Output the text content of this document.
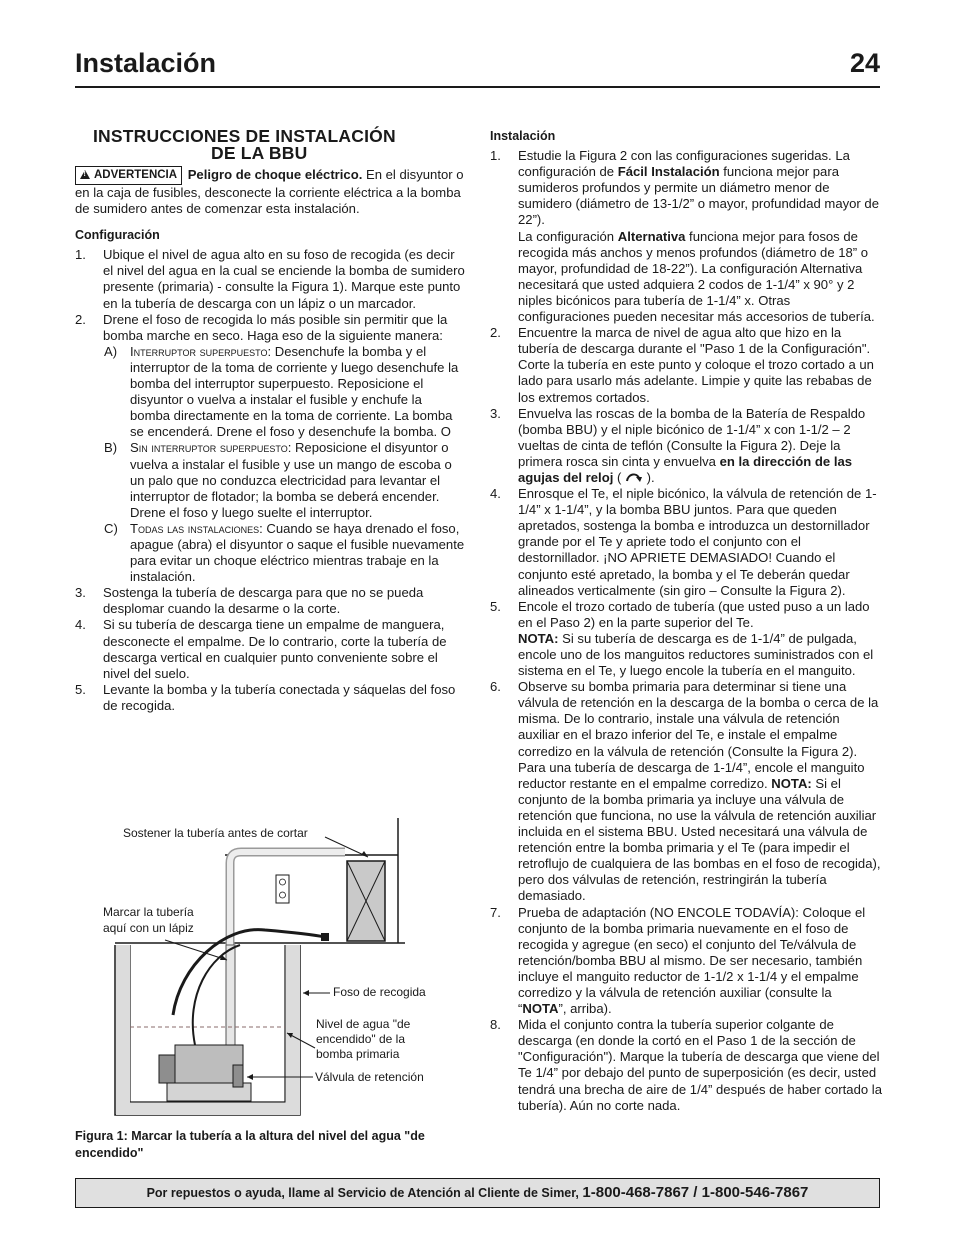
Instalación	24
INSTRUCCIONES DE INSTALACIÓN
DE LA BBU

!ADVERTENCIA Peligro de choque eléctrico. En el disyuntor o en la caja de fusibles, desconecte la corriente eléctrica a la bomba de sumidero antes de comenzar esta instalación.

Configuración
1. Ubique el nivel de agua alto en su foso de recogida (es decir el nivel del agua en la cual se enciende la bomba de sumidero presente (primaria) - consulte la Figura 1). Marque este punto en la tubería de descarga con un lápiz o un marcador.
2. Drene el foso de recogida lo más posible sin permitir que la bomba marche en seco. Haga eso de la siguiente manera:
A) Interruptor superpuesto: Desenchufe la bomba y el interruptor de la toma de corriente y luego desenchufe la bomba del interruptor superpuesto. Reposicione el disyuntor o vuelva a instalar el fusible y enchufe la bomba directamente en la toma de corriente. La bomba se encenderá. Drene el foso y desenchufe la bomba. O
B) Sin interruptor superpuesto: Reposicione el disyuntor o vuelva a instalar el fusible y use un mango de escoba o un palo que no conduzca electricidad para levantar el interruptor de flotador; la bomba se deberá encender. Drene el foso y luego suelte el interruptor.
C) Todas las instalaciones: Cuando se haya drenado el foso, apague (abra) el disyuntor o saque el fusible nuevamente para evitar un choque eléctrico mientras trabaje en la instalación.
3. Sostenga la tubería de descarga para que no se pueda desplomar cuando la desarme o la corte.
4. Si su tubería de descarga tiene un empalme de manguera, desconecte el empalme. De lo contrario, corte la tubería de descarga vertical en cualquier punto conveniente sobre el nivel del suelo.
5. Levante la bomba y la tubería conectada y sáquelas del foso de recogida.
Sostener la tubería antes de cortar
Marcar la tubería
aquí con un lápiz
Foso de recogida
Nivel de agua "de
encendido" de la
bomba primaria
Válvula de retención
Figura 1: Marcar la tubería a la altura del nivel del agua "de encendido"
Instalación
1. Estudie la Figura 2 con las configuraciones sugeridas. La configuración de Fácil Instalación funciona mejor para sumideros profundos y permite un diámetro menor de sumidero (diámetro de 13-1/2” o mayor, profundidad mayor de 22”).
La configuración Alternativa funciona mejor para fosos de recogida más anchos y menos profundos (diámetro de 18” o mayor, profundidad de 18-22”). La configuración Alternativa necesitará que usted adquiera 2 codos de 1-1/4” x 90° y 2 niples bicónicos para tubería de 1-1/4” x. Otras configuraciones pueden necesitar más accesorios de tubería.
2. Encuentre la marca de nivel de agua alto que hizo en la tubería de descarga durante el "Paso 1 de la Configuración". Corte la tubería en este punto y coloque el trozo cortado a un lado para usarlo más adelante. Limpie y quite las rebabas de los extremos cortados.
3. Envuelva las roscas de la bomba de la Batería de Respaldo (bomba BBU) y el niple bicónico de 1-1/4” x con 1-1/2 – 2 vueltas de cinta de teflón (Consulte la Figura 2). Deje la primera rosca sin cinta y envuelva en la dirección de las agujas del reloj (  ).
4. Enrosque el Te, el niple bicónico, la válvula de retención de 1-1/4” x 1-1/4”, y la bomba BBU juntos. Para que queden apretados, sostenga la bomba e introduzca un destornillador grande por el Te y apriete todo el conjunto con el destornillador. ¡NO APRIETE DEMASIADO! Cuando el conjunto esté apretado, la bomba y el Te deberán quedar alineados verticalmente (sin giro – Consulte la Figura 2).
5. Encole el trozo cortado de tubería (que usted puso a un lado en el Paso 2) en la parte superior del Te.
NOTA: Si su tubería de descarga es de 1-1/4” de pulgada, encole uno de los manguitos reductores suministrados con el sistema en el Te, y luego encole la tubería en el manguito.
6. Observe su bomba primaria para determinar si tiene una válvula de retención en la descarga de la bomba o cerca de la misma. De lo contrario, instale una válvula de retención auxiliar en el brazo inferior del Te, e instale el empalme corredizo en la válvula de retención (Consulte la Figura 2). Para una tubería de descarga de 1-1/4”, encole el manguito reductor restante en el empalme corredizo. NOTA: Si el conjunto de la bomba primaria ya incluye una válvula de retención que funciona, no use la válvula de retención auxiliar incluida en el sistema BBU. Usted necesitará una válvula de retención entre la bomba primaria y el Te (para impedir el retroflujo de cualquiera de las bombas en el foso de recogida), pero dos válvulas de retención, restringirán la tubería demasiado.
7. Prueba de adaptación (NO ENCOLE TODAVÍA): Coloque el conjunto de la bomba primaria nuevamente en el foso de recogida y agregue (en seco) el conjunto del Te/válvula de retención/bomba BBU al mismo. De ser necesario, también incluye el manguito reductor de 1-1/2 x 1-1/4 y el empalme corredizo y la válvula de retención auxiliar (consulte la “NOTA”, arriba).
8. Mida el conjunto contra la tubería superior colgante de descarga (en donde la cortó en el Paso 1 de la sección de "Configuración"). Marque la tubería de descarga que viene del Te 1/4” por debajo del punto de superposición (es decir, usted tendrá una brecha de aire de 1/4” después de haber cortado la tubería). Aún no corte nada.
Por repuestos o ayuda, llame al Servicio de Atención al Cliente de Simer, 1-800-468-7867 / 1-800-546-7867
